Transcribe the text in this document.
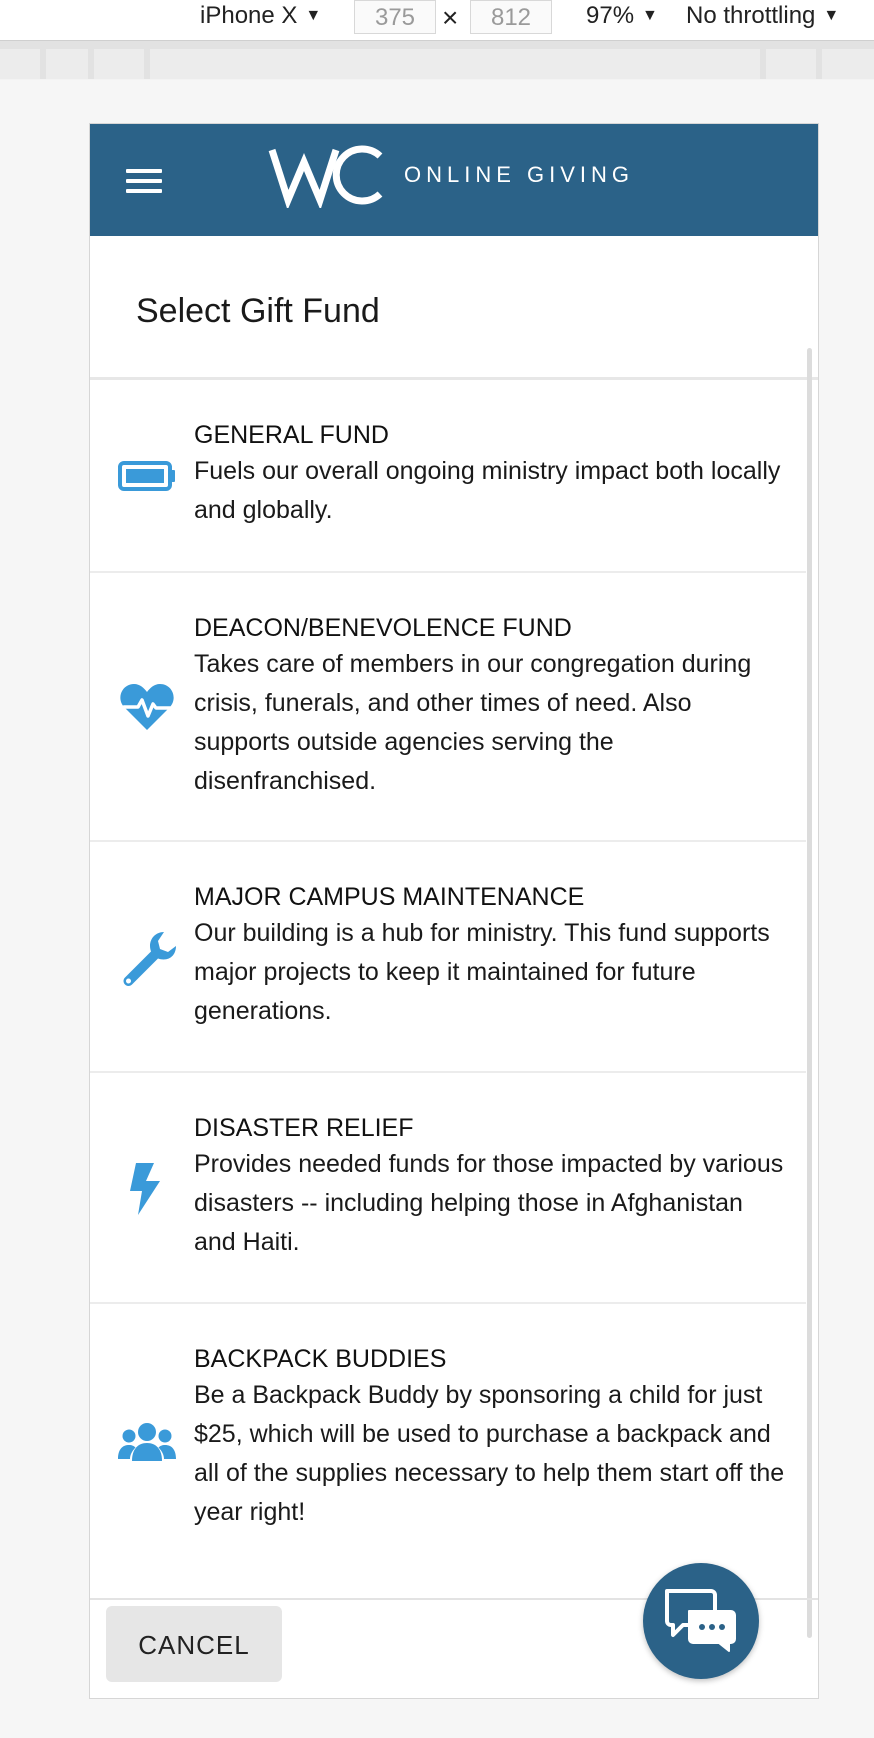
iPhone X ▼	375 ×	812	97% ▼ No throttling ▼
ONLINE GIVING
Select Gift Fund
GENERAL FUND
Fuels our overall ongoing ministry impact both locally and globally.
DEACON/BENEVOLENCE FUND
Takes care of members in our congregation during crisis, funerals, and other times of need. Also supports outside agencies serving the disenfranchised.
MAJOR CAMPUS MAINTENANCE
Our building is a hub for ministry. This fund supports major projects to keep it maintained for future generations.
DISASTER RELIEF
Provides needed funds for those impacted by various disasters -- including helping those in Afghanistan and Haiti.
BACKPACK BUDDIES
Be a Backpack Buddy by sponsoring a child for just $25, which will be used to purchase a backpack and all of the supplies necessary to help them start off the year right!
CANCEL
